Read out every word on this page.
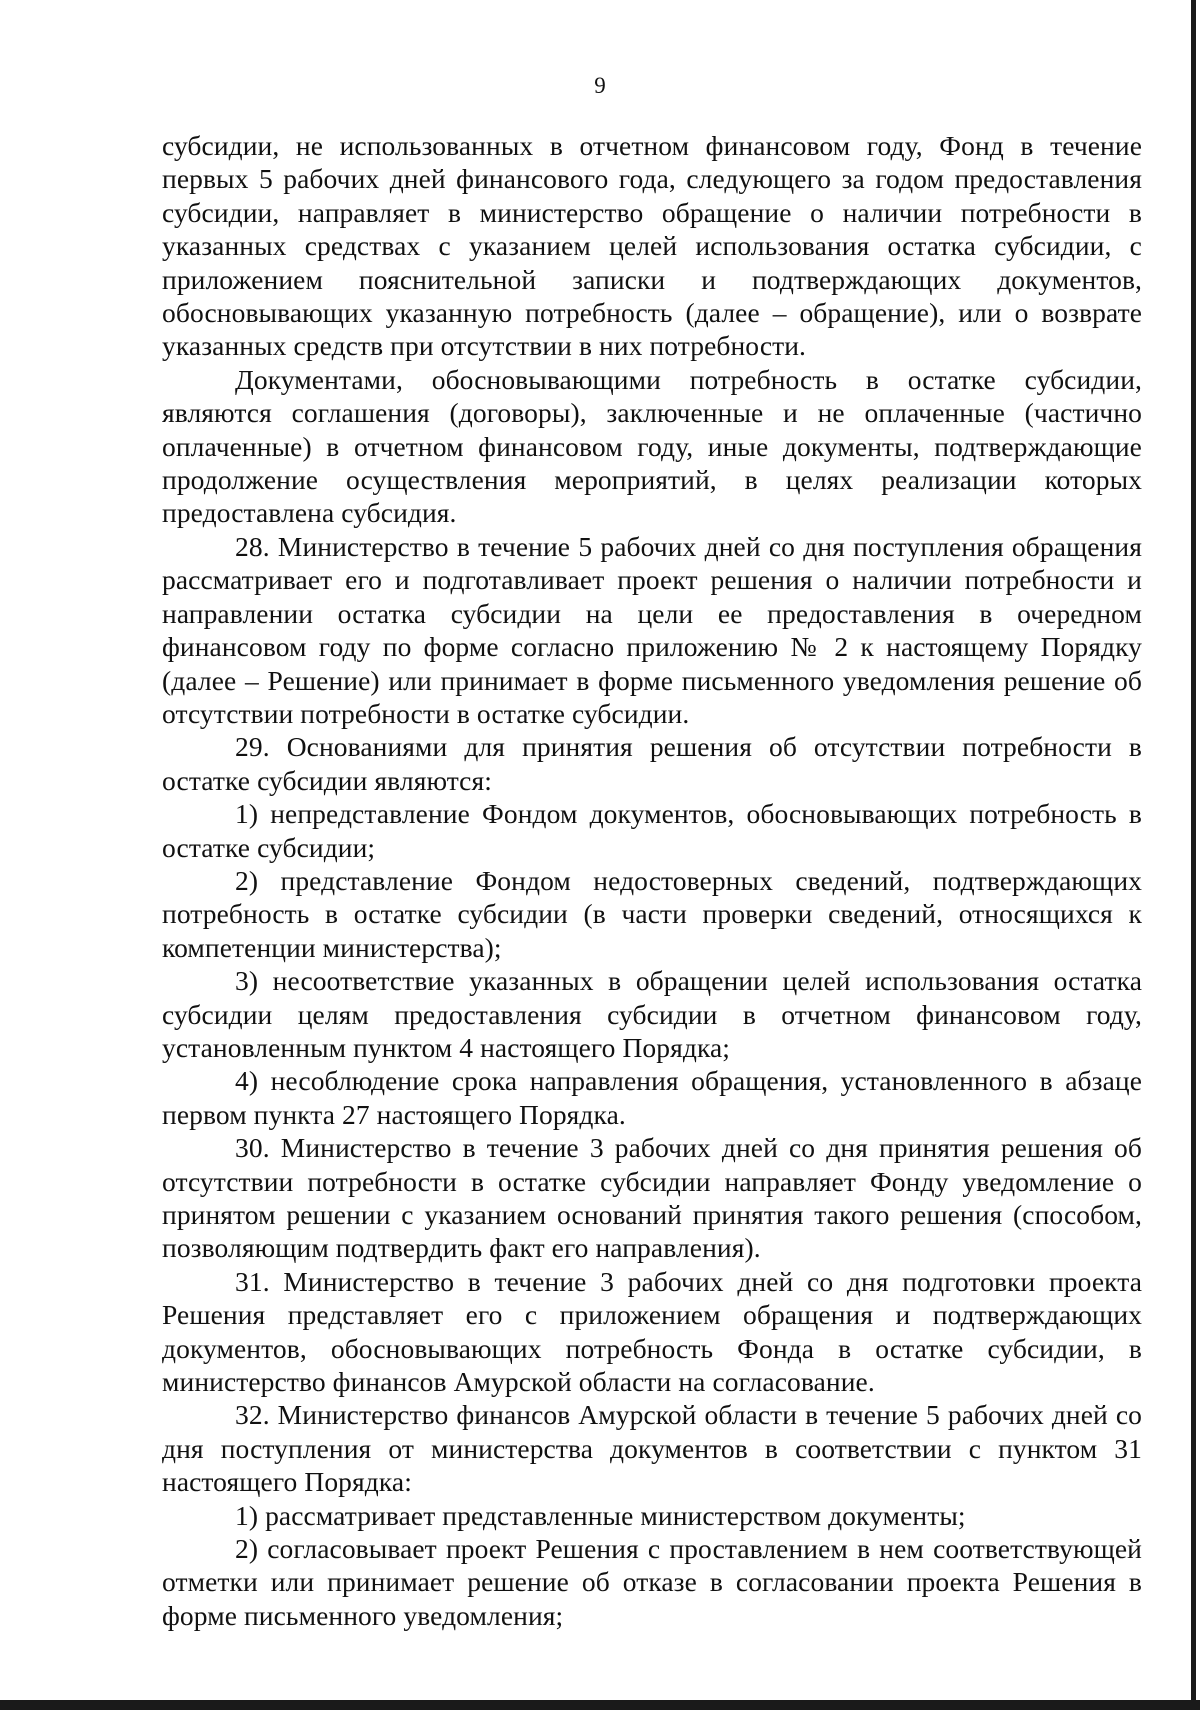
9

субсидии, не использованных в отчетном финансовом году, Фонд в течение первых 5 рабочих дней финансового года, следующего за годом предоставления субсидии, направляет в министерство обращение о наличии потребности в указанных средствах с указанием целей использования остатка субсидии, с приложением пояснительной записки и подтверждающих документов, обосновывающих указанную потребность (далее – обращение), или о возврате указанных средств при отсутствии в них потребности.

Документами, обосновывающими потребность в остатке субсидии, являются соглашения (договоры), заключенные и не оплаченные (частично оплаченные) в отчетном финансовом году, иные документы, подтверждающие продолжение осуществления мероприятий, в целях реализации которых предоставлена субсидия.

28. Министерство в течение 5 рабочих дней со дня поступления обращения рассматривает его и подготавливает проект решения о наличии потребности и направлении остатка субсидии на цели ее предоставления в очередном финансовом году по форме согласно приложению № 2 к настоящему Порядку (далее – Решение) или принимает в форме письменного уведомления решение об отсутствии потребности в остатке субсидии.

29. Основаниями для принятия решения об отсутствии потребности в остатке субсидии являются:

1) непредставление Фондом документов, обосновывающих потребность в остатке субсидии;

2) представление Фондом недостоверных сведений, подтверждающих потребность в остатке субсидии (в части проверки сведений, относящихся к компетенции министерства);

3) несоответствие указанных в обращении целей использования остатка субсидии целям предоставления субсидии в отчетном финансовом году, установленным пунктом 4 настоящего Порядка;

4) несоблюдение срока направления обращения, установленного в абзаце первом пункта 27 настоящего Порядка.

30. Министерство в течение 3 рабочих дней со дня принятия решения об отсутствии потребности в остатке субсидии направляет Фонду уведомление о принятом решении с указанием оснований принятия такого решения (способом, позволяющим подтвердить факт его направления).

31. Министерство в течение 3 рабочих дней со дня подготовки проекта Решения представляет его с приложением обращения и подтверждающих документов, обосновывающих потребность Фонда в остатке субсидии, в министерство финансов Амурской области на согласование.

32. Министерство финансов Амурской области в течение 5 рабочих дней со дня поступления от министерства документов в соответствии с пунктом 31 настоящего Порядка:

1) рассматривает представленные министерством документы;

2) согласовывает проект Решения с проставлением в нем соответствующей отметки или принимает решение об отказе в согласовании проекта Решения в форме письменного уведомления;
